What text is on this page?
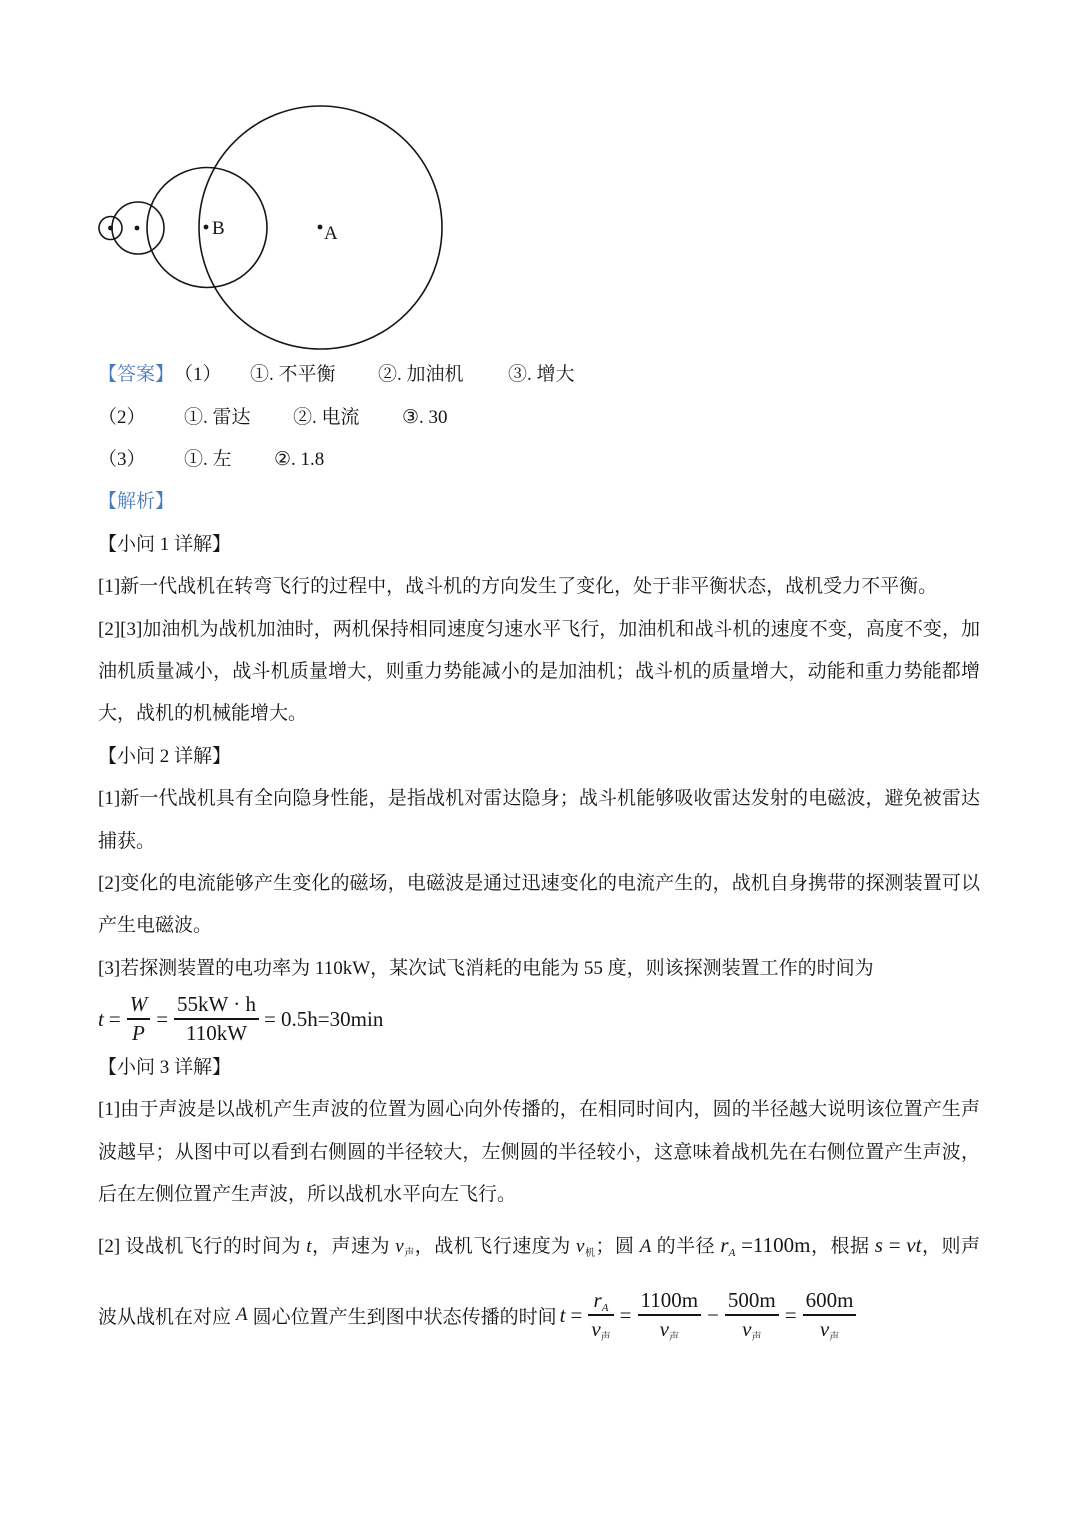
B	A
【答案】 （1） ①. 不平衡 ②. 加油机 ③. 增大
（2） ①. 雷达 ②. 电流 ③. 30
（3） ①. 左 ②. 1.8
【解析】
【小问 1 详解】
[1]新一代战机在转弯飞行的过程中，战斗机的方向发生了变化，处于非平衡状态，战机受力不平衡。
[2][3]加油机为战机加油时，两机保持相同速度匀速水平飞行，加油机和战斗机的速度不变，高度不变，加
油机质量减小，战斗机质量增大，则重力势能减小的是加油机；战斗机的质量增大，动能和重力势能都增
大，战机的机械能增大。
【小问 2 详解】
[1]新一代战机具有全向隐身性能，是指战机对雷达隐身；战斗机能够吸收雷达发射的电磁波，避免被雷达
捕获。
[2]变化的电流能够产生变化的磁场，电磁波是通过迅速变化的电流产生的，战机自身携带的探测装置可以
产生电磁波。
[3]若探测装置的电功率为 110kW，某次试飞消耗的电能为 55 度，则该探测装置工作的时间为
$t = \frac{W}{P} = \frac{55kW \cdot h}{110kW} = 0.5h=30\min$
【小问 3 详解】
[1]由于声波是以战机产生声波的位置为圆心向外传播的，在相同时间内，圆的半径越大说明该位置产生声
波越早；从图中可以看到右侧圆的半径较大，左侧圆的半径较小，这意味着战机先在右侧位置产生声波，
后在左侧位置产生声波，所以战机水平向左飞行。
[2] 设战机飞行的时间为 t，声速为 $v_声$，战机飞行速度为 $v_机$；圆 A 的半径 $r_A =1100m$，根据 s = vt，则声
波从战机在对应 A 圆心位置产生到图中状态传播的时间 $t = \frac{r_A}{v_声} = \frac{1100m}{v_声} - \frac{500m}{v_声} = \frac{600m}{v_声}$
